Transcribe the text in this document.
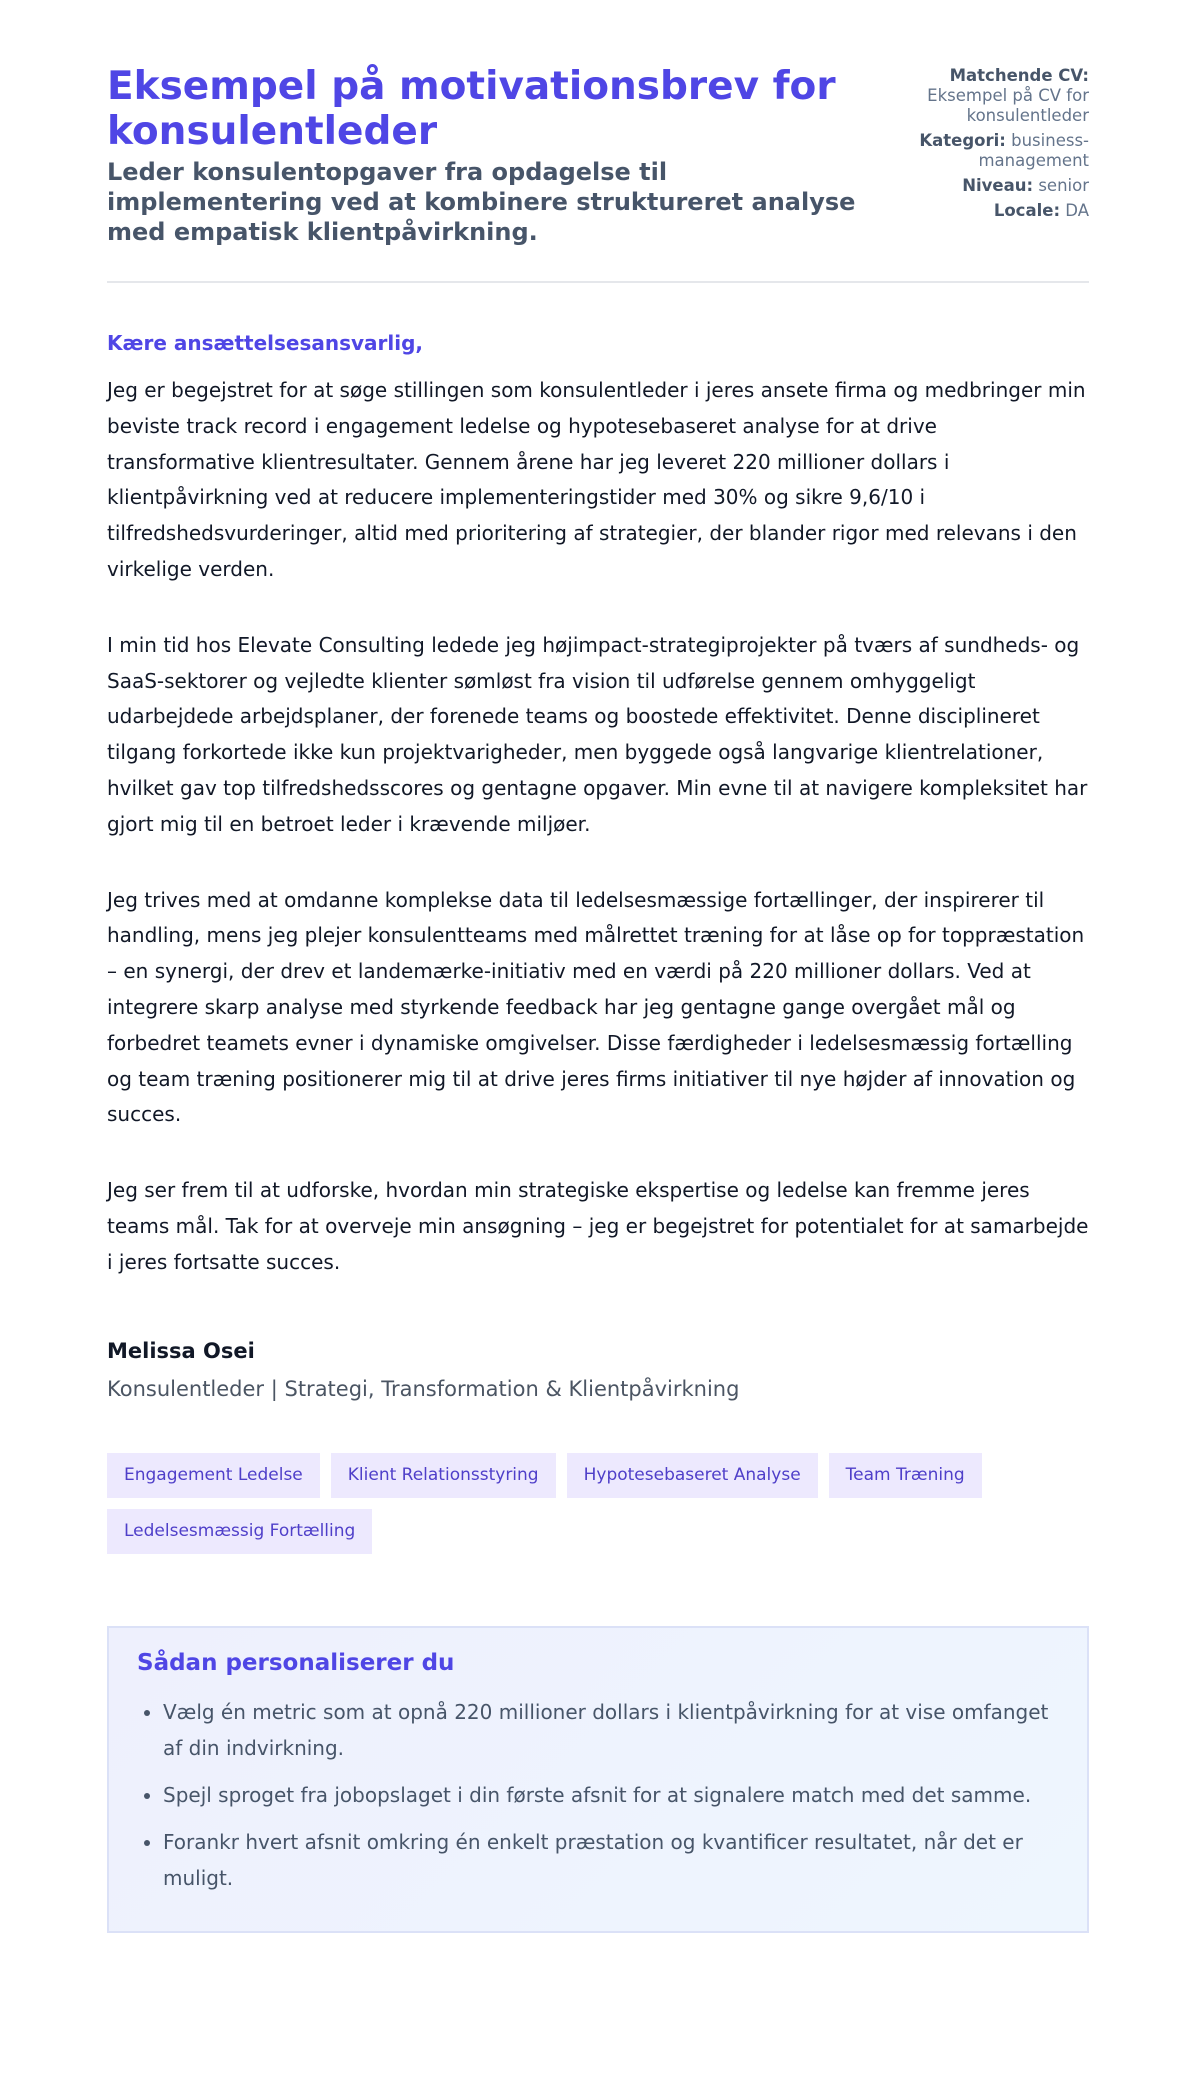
Eksempel på motivationsbrev for konsulentleder

Leder konsulentopgaver fra opdagelse til implementering ved at kombinere struktureret analyse med empatisk klientpåvirkning.

Matchende CV:
Eksempel på CV for konsulentleder
Kategori: business-management
Niveau: senior
Locale: DA
Kære ansættelsesansvarlig,

Jeg er begejstret for at søge stillingen som konsulentleder i jeres ansete firma og medbringer min beviste track record i engagement ledelse og hypotesebaseret analyse for at drive transformative klientresultater. Gennem årene har jeg leveret 220 millioner dollars i klientpåvirkning ved at reducere implementeringstider med 30% og sikre 9,6/10 i tilfredshedsvurderinger, altid med prioritering af strategier, der blander rigor med relevans i den virkelige verden.

I min tid hos Elevate Consulting ledede jeg højimpact-strategiprojekter på tværs af sundheds- og SaaS-sektorer og vejledte klienter sømløst fra vision til udførelse gennem omhyggeligt udarbejdede arbejdsplaner, der forenede teams og boostede effektivitet. Denne disciplineret tilgang forkortede ikke kun projektvarigheder, men byggede også langvarige klientrelationer, hvilket gav top tilfredshedsscores og gentagne opgaver. Min evne til at navigere kompleksitet har gjort mig til en betroet leder i krævende miljøer.

Jeg trives med at omdanne komplekse data til ledelsesmæssige fortællinger, der inspirerer til handling, mens jeg plejer konsulentteams med målrettet træning for at låse op for toppræstation – en synergi, der drev et landemærke-initiativ med en værdi på 220 millioner dollars. Ved at integrere skarp analyse med styrkende feedback har jeg gentagne gange overgået mål og forbedret teamets evner i dynamiske omgivelser. Disse færdigheder i ledelsesmæssig fortælling og team træning positionerer mig til at drive jeres firms initiativer til nye højder af innovation og succes.

Jeg ser frem til at udforske, hvordan min strategiske ekspertise og ledelse kan fremme jeres teams mål. Tak for at overveje min ansøgning – jeg er begejstret for potentialet for at samarbejde i jeres fortsatte succes.

Melissa Osei
Konsulentleder | Strategi, Transformation & Klientpåvirkning
Engagement Ledelse	Klient Relationsstyring	Hypotesebaseret Analyse	Team Træning
Ledelsesmæssig Fortælling
Sådan personaliserer du
• Vælg én metric som at opnå 220 millioner dollars i klientpåvirkning for at vise omfanget af din indvirkning.
• Spejl sproget fra jobopslaget i din første afsnit for at signalere match med det samme.
• Forankr hvert afsnit omkring én enkelt præstation og kvantificer resultatet, når det er muligt.
